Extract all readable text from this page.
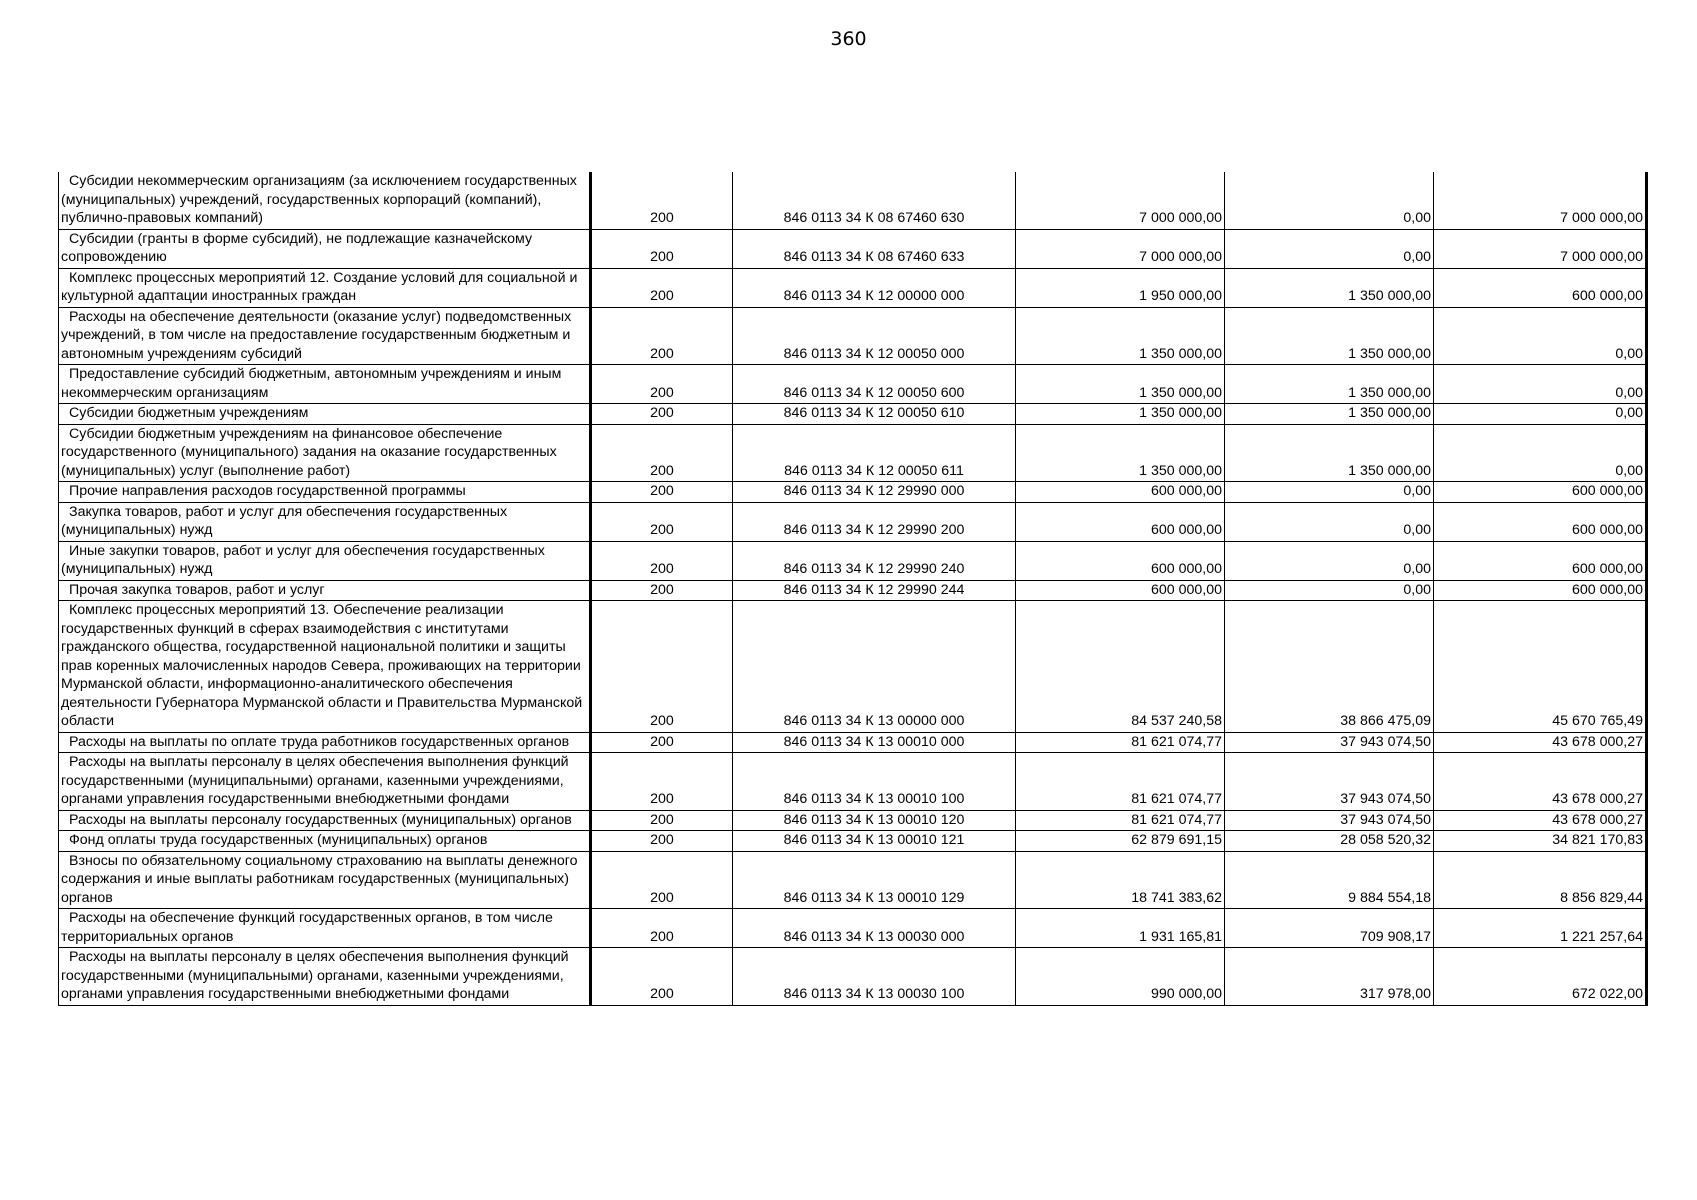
360
Субсидии некоммерческим организациям (за исключением государственных (муниципальных) учреждений, государственных корпораций (компаний), публично-правовых компаний)	200	846 0113 34 К 08 67460 630	7 000 000,00	0,00	7 000 000,00

Субсидии (гранты в форме субсидий), не подлежащие казначейскому сопровождению	200	846 0113 34 К 08 67460 633	7 000 000,00	0,00	7 000 000,00

Комплекс процессных мероприятий 12. Создание условий для социальной и культурной адаптации иностранных граждан	200	846 0113 34 К 12 00000 000	1 950 000,00	1 350 000,00	600 000,00

Расходы на обеспечение деятельности (оказание услуг) подведомственных учреждений, в том числе на предоставление государственным бюджетным и автономным учреждениям субсидий	200	846 0113 34 К 12 00050 000	1 350 000,00	1 350 000,00	0,00

Предоставление субсидий бюджетным, автономным учреждениям и иным некоммерческим организациям	200	846 0113 34 К 12 00050 600	1 350 000,00	1 350 000,00	0,00

Субсидии бюджетным учреждениям	200	846 0113 34 К 12 00050 610	1 350 000,00	1 350 000,00	0,00

Субсидии бюджетным учреждениям на финансовое обеспечение государственного (муниципального) задания на оказание государственных (муниципальных) услуг (выполнение работ)	200	846 0113 34 К 12 00050 611	1 350 000,00	1 350 000,00	0,00

Прочие направления расходов государственной программы	200	846 0113 34 К 12 29990 000	600 000,00	0,00	600 000,00

Закупка товаров, работ и услуг для обеспечения государственных (муниципальных) нужд	200	846 0113 34 К 12 29990 200	600 000,00	0,00	600 000,00

Иные закупки товаров, работ и услуг для обеспечения государственных (муниципальных) нужд	200	846 0113 34 К 12 29990 240	600 000,00	0,00	600 000,00

Прочая закупка товаров, работ и услуг	200	846 0113 34 К 12 29990 244	600 000,00	0,00	600 000,00

Комплекс процессных мероприятий 13. Обеспечение реализации государственных функций в сферах взаимодействия с институтами гражданского общества, государственной национальной политики и защиты прав коренных малочисленных народов Севера, проживающих на территории Мурманской области, информационно-аналитического обеспечения деятельности Губернатора Мурманской области и Правительства Мурманской области	200	846 0113 34 К 13 00000 000	84 537 240,58	38 866 475,09	45 670 765,49

Расходы на выплаты по оплате труда работников государственных органов	200	846 0113 34 К 13 00010 000	81 621 074,77	37 943 074,50	43 678 000,27

Расходы на выплаты персоналу в целях обеспечения выполнения функций государственными (муниципальными) органами, казенными учреждениями, органами управления государственными внебюджетными фондами	200	846 0113 34 К 13 00010 100	81 621 074,77	37 943 074,50	43 678 000,27

Расходы на выплаты персоналу государственных (муниципальных) органов	200	846 0113 34 К 13 00010 120	81 621 074,77	37 943 074,50	43 678 000,27

Фонд оплаты труда государственных (муниципальных) органов	200	846 0113 34 К 13 00010 121	62 879 691,15	28 058 520,32	34 821 170,83

Взносы по обязательному социальному страхованию на выплаты денежного содержания и иные выплаты работникам государственных (муниципальных) органов	200	846 0113 34 К 13 00010 129	18 741 383,62	9 884 554,18	8 856 829,44

Расходы на обеспечение функций государственных органов, в том числе территориальных органов	200	846 0113 34 К 13 00030 000	1 931 165,81	709 908,17	1 221 257,64

Расходы на выплаты персоналу в целях обеспечения выполнения функций государственными (муниципальными) органами, казенными учреждениями, органами управления государственными внебюджетными фондами	200	846 0113 34 К 13 00030 100	990 000,00	317 978,00	672 022,00
